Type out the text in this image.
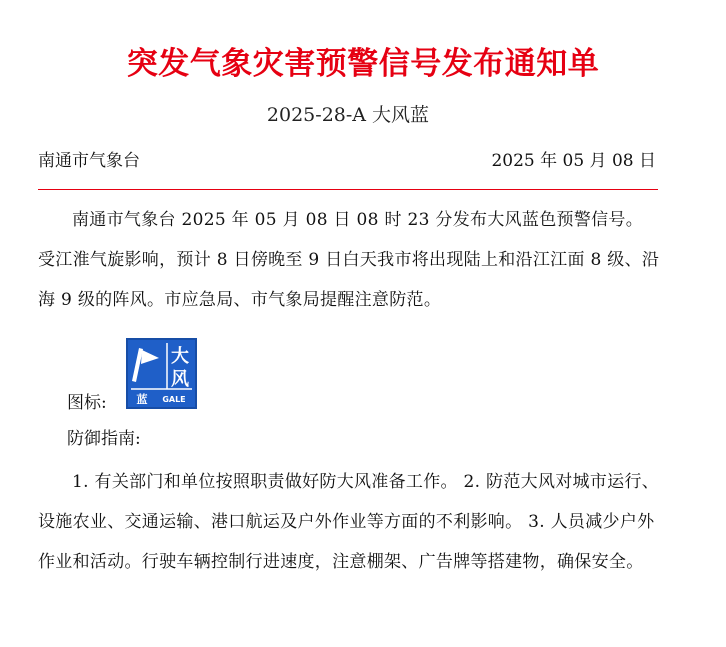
突发气象灾害预警信号发布通知单
2025-28-A 大风蓝
南通市气象台	2025 年 05 月 08 日

南通市气象台 2025 年 05 月 08 日 08 时 23 分发布大风蓝色预警信号。受江淮气旋影响，预计 8 日傍晚至 9 日白天我市将出现陆上和沿江江面 8 级、沿海 9 级的阵风。市应急局、市气象局提醒注意防范。

图标:
大
风
蓝 GALE
防御指南:

1. 有关部门和单位按照职责做好防大风准备工作。 2. 防范大风对城市运行、设施农业、交通运输、港口航运及户外作业等方面的不利影响。 3. 人员减少户外作业和活动。行驶车辆控制行进速度，注意棚架、广告牌等搭建物，确保安全。
